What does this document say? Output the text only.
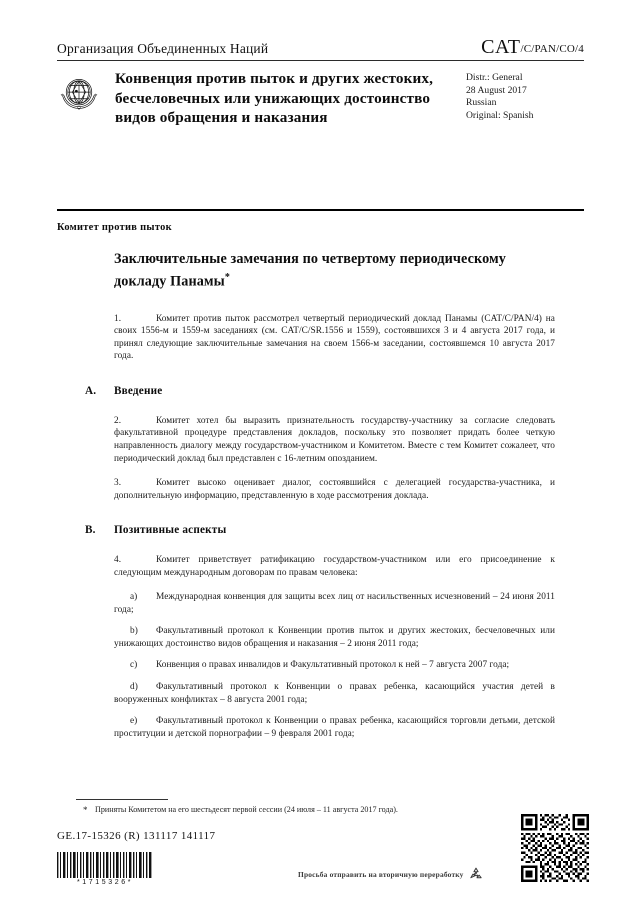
Организация Объединенных Наций	CAT/C/PAN/CO/4
Конвенция против пыток и других жестоких, бесчеловечных или унижающих достоинство видов обращения и наказания
Distr.: General
28 August 2017
Russian
Original: Spanish
Комитет против пыток
Заключительные замечания по четвертому периодическому докладу Панамы*
1.	Комитет против пыток рассмотрел четвертый периодический доклад Панамы (CAT/C/PAN/4) на своих 1556-м и 1559-м заседаниях (см. CAT/C/SR.1556 и 1559), состоявшихся 3 и 4 августа 2017 года, и принял следующие заключительные замечания на своем 1566-м заседании, состоявшемся 10 августа 2017 года.
A. Введение
2.	Комитет хотел бы выразить признательность государству-участнику за согласие следовать факультативной процедуре представления докладов, поскольку это позволяет придать более четкую направленность диалогу между государством-участником и Комитетом. Вместе с тем Комитет сожалеет, что периодический доклад был представлен с 16-летним опозданием.
3.	Комитет высоко оценивает диалог, состоявшийся с делегацией государства-участника, и дополнительную информацию, представленную в ходе рассмотрения доклада.
B. Позитивные аспекты
4.	Комитет приветствует ратификацию государством-участником или его присоединение к следующим международным договорам по правам человека:
a) Международная конвенция для защиты всех лиц от насильственных исчезновений – 24 июня 2011 года;
b) Факультативный протокол к Конвенции против пыток и других жестоких, бесчеловечных или унижающих достоинство видов обращения и наказания – 2 июня 2011 года;
c) Конвенция о правах инвалидов и Факультативный протокол к ней – 7 августа 2007 года;
d) Факультативный протокол к Конвенции о правах ребенка, касающийся участия детей в вооруженных конфликтах – 8 августа 2001 года;
e) Факультативный протокол к Конвенции о правах ребенка, касающийся торговли детьми, детской проституции и детской порнографии – 9 февраля 2001 года;
* Приняты Комитетом на его шестьдесят первой сессии (24 июля – 11 августа 2017 года).
GE.17-15326 (R) 131117 141117
*1715326*
Просьба отправить на вторичную переработку
